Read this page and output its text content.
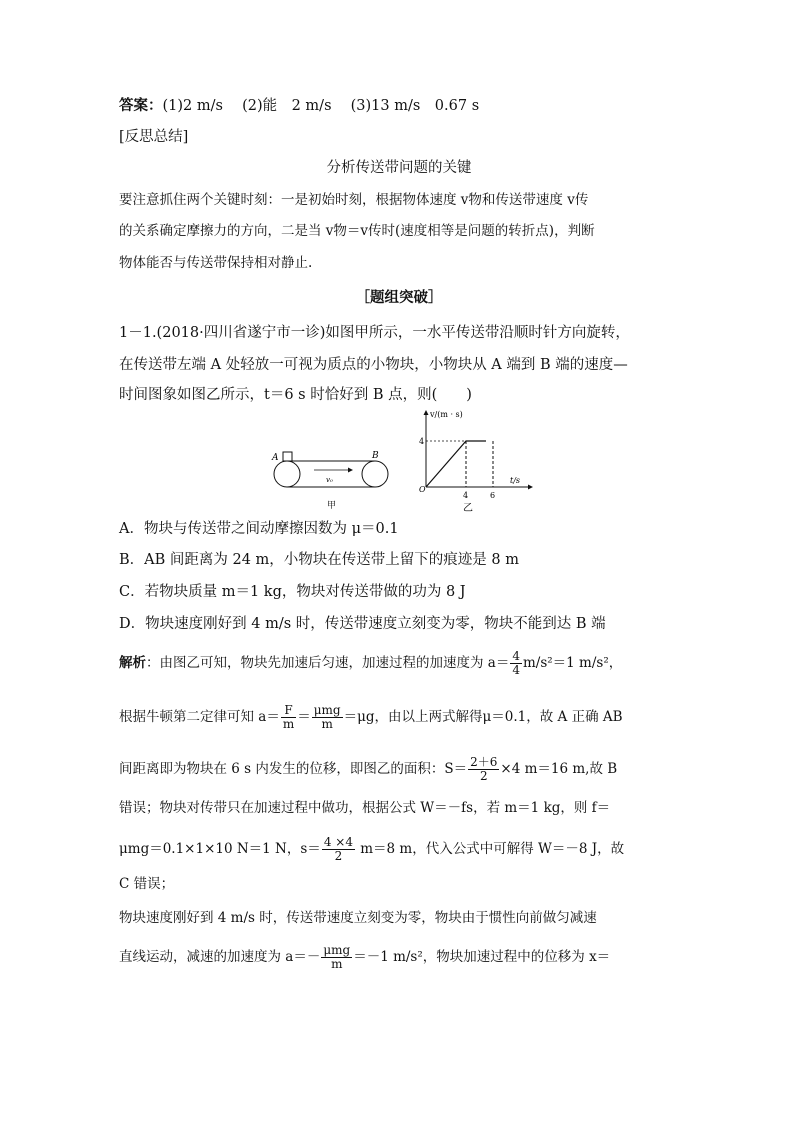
答案：(1)2 m/s　 (2)能　2 m/s　 (3)13 m/s　0.67 s
[反思总结]
分析传送带问题的关键
要注意抓住两个关键时刻：一是初始时刻，根据物体速度 v物和传送带速度 v传
的关系确定摩擦力的方向，二是当 v物＝v传时(速度相等是问题的转折点)，判断
物体能否与传送带保持相对静止.
［题组突破］
1－1.(2018·四川省遂宁市一诊)如图甲所示，一水平传送带沿顺时针方向旋转，
在传送带左端 A 处轻放一可视为质点的小物块，小物块从 A 端到 B 端的速度—
时间图象如图乙所示，t＝6 s 时恰好到 B 点，则(　　)
A	B
v₀
甲
v/(m · s)
t/s
O
4
4	6
乙
A．物块与传送带之间动摩擦因数为 μ＝0.1
B．AB 间距离为 24 m，小物块在传送带上留下的痕迹是 8 m
C．若物块质量 m＝1 kg，物块对传送带做的功为 8 J
D．物块速度刚好到 4 m/s 时，传送带速度立刻变为零，物块不能到达 B 端
解析：由图乙可知，物块先加速后匀速，加速过程的加速度为 $a= \frac{4}{4} m/s^2=1$ m/s²，
根据牛顿第二定律可知 $a= \frac{F}{m} = \frac{\text{μmg}}{m} =\mu g$，由以上两式解得μ＝0.1，故 A 正确 AB
间距离即为物块在 6 s 内发生的位移，即图乙的面积：$S= \frac{2+6}{2} \times 4$ m＝16 m,故 B
错误；物块对传带只在加速过程中做功，根据公式 W＝－fs，若 m＝1 kg，则 f＝
μmg＝0.1×1×10 N＝1 N，$s= \frac{4 \times 4}{2} m=8$ m，代入公式中可解得 W＝－8 J，故
C 错误；
物块速度刚好到 4 m/s 时，传送带速度立刻变为零，物块由于惯性向前做匀减速
直线运动，减速的加速度为 $a=- \frac{\text{μmg}}{m} =-1$ m/s²，物块加速过程中的位移为 x＝
